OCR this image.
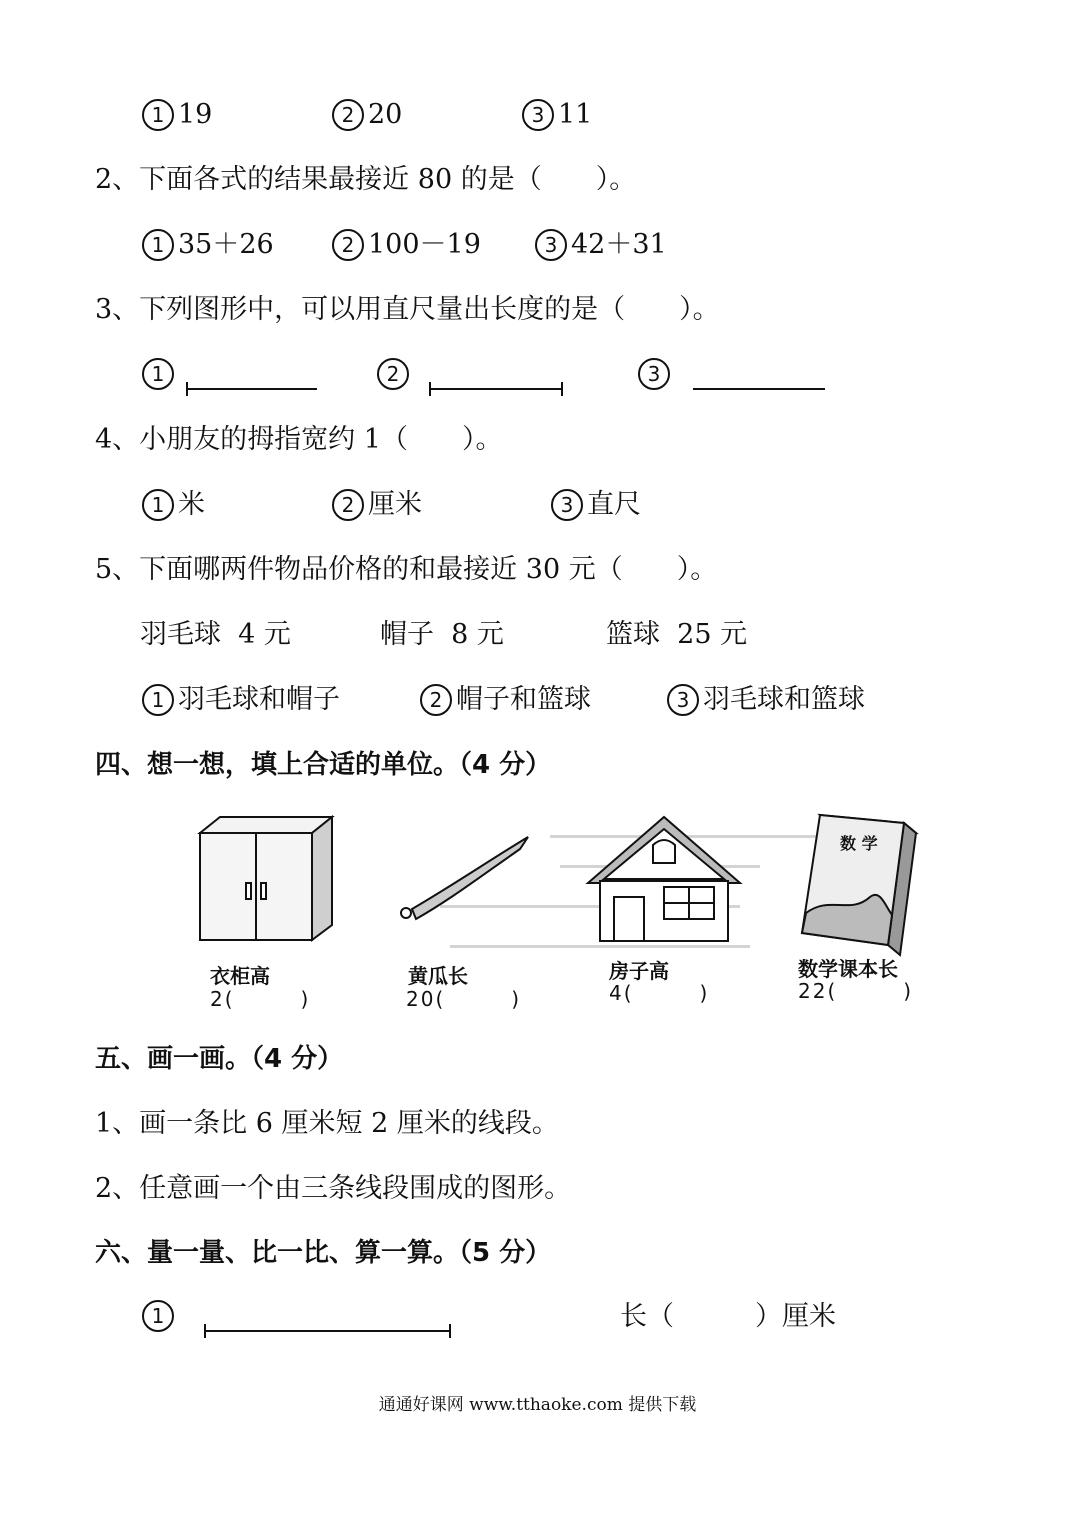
1 19	2 20	3 11
2、下面各式的结果最接近 80 的是（　　）。
1 35＋26	2 100－19	3 42＋31
3、下列图形中，可以用直尺量出长度的是（　　）。
1	2	3
4、小朋友的拇指宽约 1（　　）。
1 米	2 厘米	3 直尺
5、下面哪两件物品价格的和最接近 30 元（　　）。
羽毛球  4 元	帽子  8 元	篮球  25 元
1 羽毛球和帽子	2 帽子和篮球	3 羽毛球和篮球
四、想一想，填上合适的单位。（4 分）
数 学
衣柜高
2(　　　)
黄瓜长
20(　　　)
房子高
4(　　　)
数学课本长
22(　　　)
五、画一画。（4 分）
1、画一条比 6 厘米短 2 厘米的线段。
2、任意画一个由三条线段围成的图形。
六、量一量、比一比、算一算。（5 分）
1	长（　　　）厘米
通通好课网 www.tthaoke.com 提供下载
